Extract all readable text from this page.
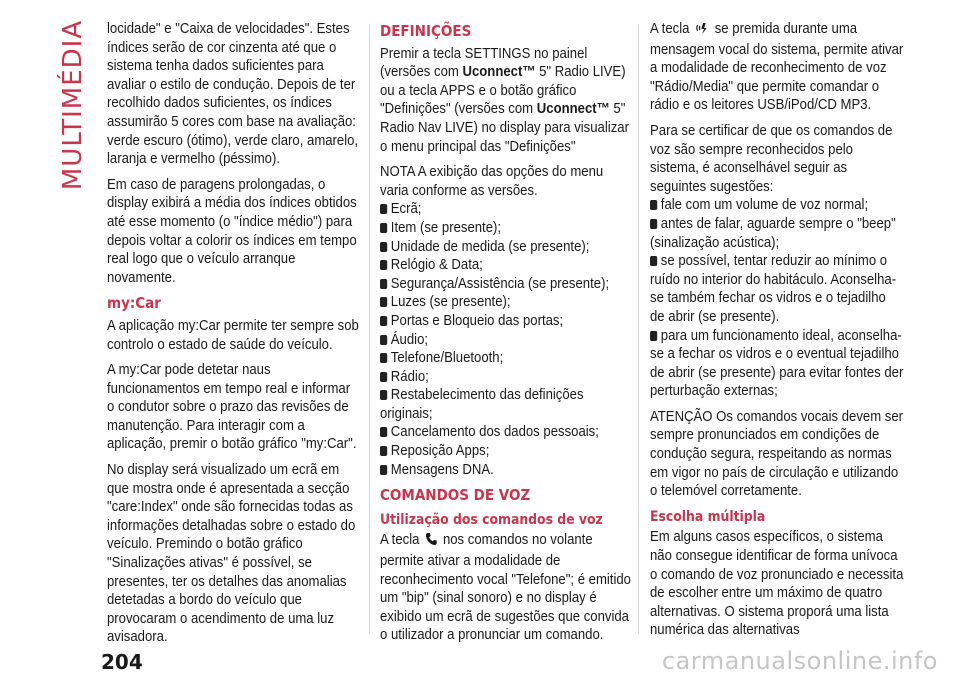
MULTIMÉDIA locidade" e "Caixa de velocidades". Estes índices serão de cor cinzenta até que o sistema tenha dados suficientes para avaliar o estilo de condução. Depois de ter recolhido dados suficientes, os índices assumirão 5 cores com base na avaliação: verde escuro (ótimo), verde claro, amarelo, laranja e vermelho (péssimo).

Em caso de paragens prolongadas, o display exibirá a média dos índices obtidos até esse momento (o "índice médio") para depois voltar a colorir os índices em tempo real logo que o veículo arranque novamente.

my:Car

A aplicação my:Car permite ter sempre sob controlo o estado de saúde do veículo.

A my:Car pode detetar naus funcionamentos em tempo real e informar o condutor sobre o prazo das revisões de manutenção. Para interagir com a aplicação, premir o botão gráfico "my:Car".

No display será visualizado um ecrã em que mostra onde é apresentada a secção "care:Index" onde são fornecidas todas as informações detalhadas sobre o estado do veículo. Premindo o botão gráfico "Sinalizações ativas" é possível, se presentes, ter os detalhes das anomalias detetadas a bordo do veículo que provocaram o acendimento de uma luz avisadora.

DEFINIÇÕES

Premir a tecla SETTINGS no painel (versões com Uconnect™ 5" Radio LIVE) ou a tecla APPS e o botão gráfico "Definições" (versões com Uconnect™ 5" Radio Nav LIVE) no display para visualizar o menu principal das "Definições"

NOTA A exibição das opções do menu varia conforme as versões.

Ecrã;
Item (se presente);
Unidade de medida (se presente);
Relógio & Data;
Segurança/Assistência (se presente);
Luzes (se presente);
Portas e Bloqueio das portas;
Áudio;
Telefone/Bluetooth;
Rádio;
Restabelecimento das definições originais;
Cancelamento dos dados pessoais;
Reposição Apps;
Mensagens DNA.
COMANDOS DE VOZ
Utilização dos comandos de voz

A tecla nos comandos no volante permite ativar a modalidade de reconhecimento vocal "Telefone"; é emitido um "bip" (sinal sonoro) e no display é exibido um ecrã de sugestões que convida o utilizador a pronunciar um comando.

A tecla se premida durante uma mensagem vocal do sistema, permite ativar a modalidade de reconhecimento de voz "Rádio/Media" que permite comandar o rádio e os leitores USB/iPod/CD MP3.

Para se certificar de que os comandos de voz são sempre reconhecidos pelo sistema, é aconselhável seguir as seguintes sugestões:

fale com um volume de voz normal;
antes de falar, aguarde sempre o "beep" (sinalização acústica);
se possível, tentar reduzir ao mínimo o ruído no interior do habitáculo. Aconselha-se também fechar os vidros e o tejadilho de abrir (se presente).
para um funcionamento ideal, aconselha-se a fechar os vidros e o eventual tejadilho de abrir (se presente) para evitar fontes der perturbação externas;

ATENÇÃO Os comandos vocais devem ser sempre pronunciados em condições de condução segura, respeitando as normas em vigor no país de circulação e utilizando o telemóvel corretamente.

Escolha múltipla

Em alguns casos específicos, o sistema não consegue identificar de forma unívoca o comando de voz pronunciado e necessita de escolher entre um máximo de quatro alternativas. O sistema proporá uma lista numérica das alternativas

204	carmanualsonline.info
